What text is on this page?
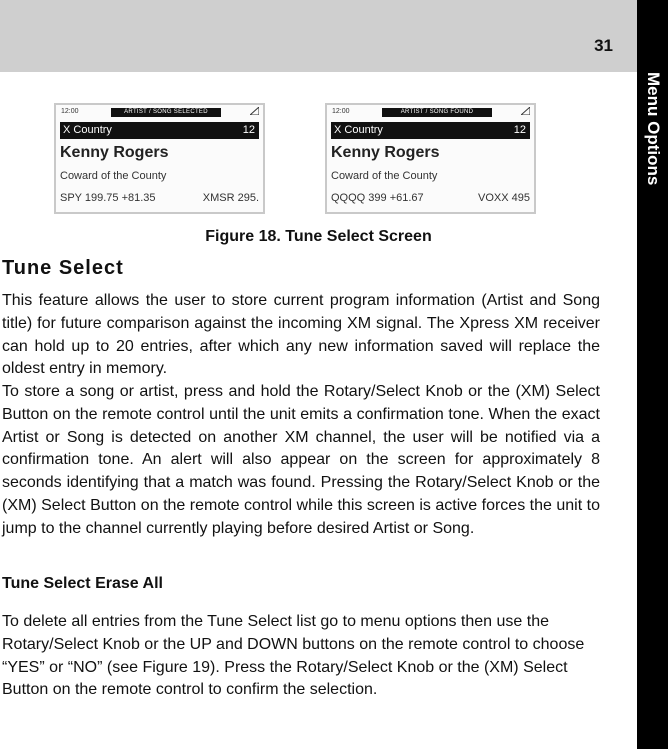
31
Menu Options
12:00	ARTIST / SONG SELECTED
X Country	12
Kenny Rogers
Coward of the County
SPY 199.75 +81.35	XMSR 295.
12:00	ARTIST / SONG FOUND
X Country	12
Kenny Rogers
Coward of the County
QQQQ 399 +61.67	VOXX 495
Figure 18. Tune Select Screen
Tune Select

This feature allows the user to store current program information (Artist and Song title) for future comparison against the incoming XM signal. The Xpress XM receiver can hold up to 20 entries, after which any new information saved will replace the oldest entry in memory.

To store a song or artist, press and hold the Rotary/Select Knob or the (XM) Select Button on the remote control until the unit emits a confirmation tone. When the exact Artist or Song is detected on another XM channel, the user will be notified via a confirmation tone. An alert will also appear on the screen for approximately 8 seconds identifying that a match was found. Pressing the Rotary/Select Knob or the (XM) Select Button on the remote control while this screen is active forces the unit to jump to the channel currently playing before desired Artist or Song.

Tune Select Erase All

To delete all entries from the Tune Select list go to menu options then use the Rotary/Select Knob or the UP and DOWN buttons on the remote control to choose “YES” or “NO” (see Figure 19). Press the Rotary/Select Knob or the (XM) Select Button on the remote control to confirm the selection.
